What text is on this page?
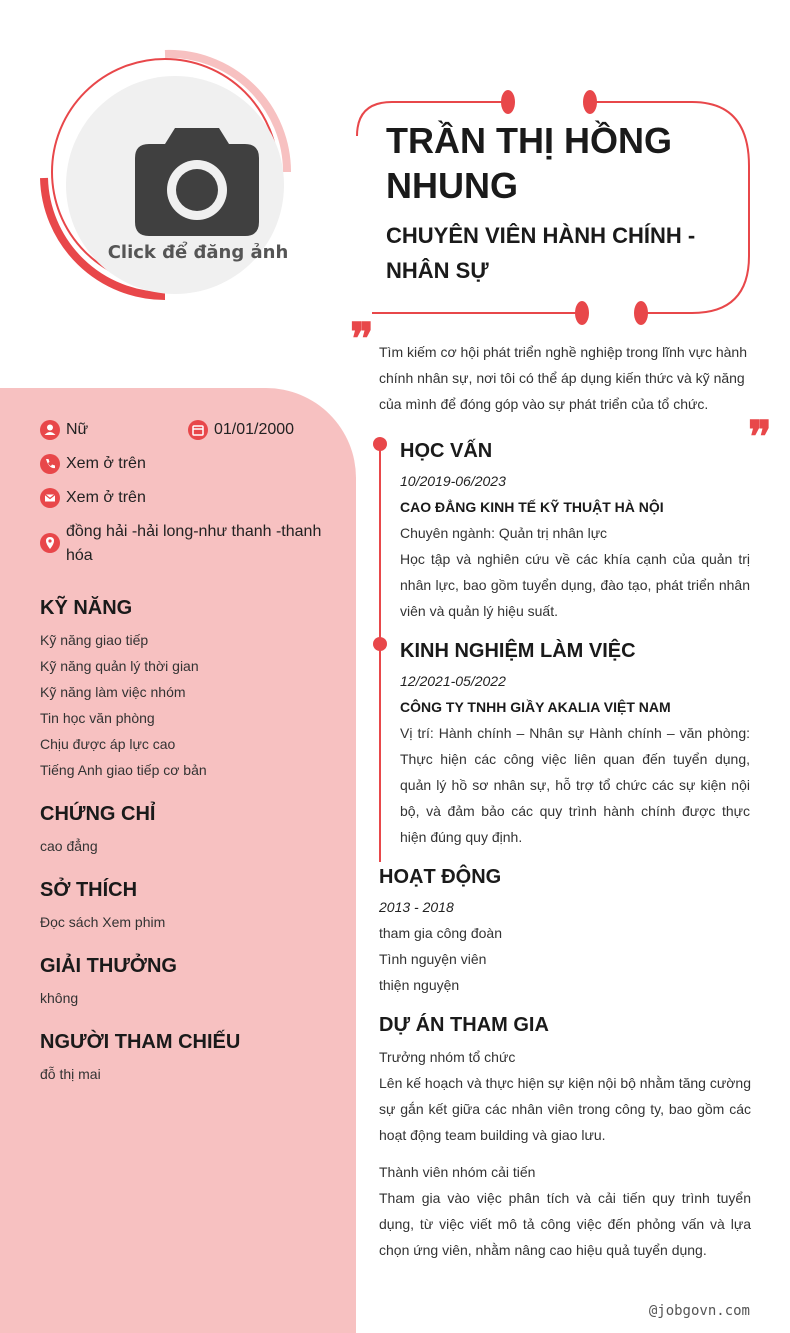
Click để đăng ảnh
TRẦN THỊ HỒNG NHUNG
CHUYÊN VIÊN HÀNH CHÍNH - NHÂN SỰ
❞ Tìm kiếm cơ hội phát triển nghề nghiệp trong lĩnh vực hành chính nhân sự, nơi tôi có thể áp dụng kiến thức và kỹ năng của mình để đóng góp vào sự phát triển của tổ chức.
❞
Nữ	01/01/2000
Xem ở trên
Xem ở trên
đồng hải -hải long-như thanh -thanh hóa
KỸ NĂNG
Kỹ năng giao tiếp
Kỹ năng quản lý thời gian
Kỹ năng làm việc nhóm
Tin học văn phòng
Chịu được áp lực cao
Tiếng Anh giao tiếp cơ bản
CHỨNG CHỈ
cao đẳng
SỞ THÍCH
Đọc sách Xem phim
GIẢI THƯỞNG
không
NGƯỜI THAM CHIẾU
đỗ thị mai
HỌC VẤN
10/2019-06/2023
CAO ĐẲNG KINH TẾ KỸ THUẬT HÀ NỘI
Chuyên ngành: Quản trị nhân lực
Học tập và nghiên cứu về các khía cạnh của quản trị nhân lực, bao gồm tuyển dụng, đào tạo, phát triển nhân viên và quản lý hiệu suất.
KINH NGHIỆM LÀM VIỆC
12/2021-05/2022
CÔNG TY TNHH GIẦY AKALIA VIỆT NAM
Vị trí: Hành chính – Nhân sự Hành chính – văn phòng: Thực hiện các công việc liên quan đến tuyển dụng, quản lý hồ sơ nhân sự, hỗ trợ tổ chức các sự kiện nội bộ, và đảm bảo các quy trình hành chính được thực hiện đúng quy định.
HOẠT ĐỘNG
2013 - 2018
tham gia công đoàn
Tình nguyện viên
thiện nguyện
DỰ ÁN THAM GIA
Trưởng nhóm tổ chức
Lên kế hoạch và thực hiện sự kiện nội bộ nhằm tăng cường sự gắn kết giữa các nhân viên trong công ty, bao gồm các hoạt động team building và giao lưu.
Thành viên nhóm cải tiến
Tham gia vào việc phân tích và cải tiến quy trình tuyển dụng, từ việc viết mô tả công việc đến phỏng vấn và lựa chọn ứng viên, nhằm nâng cao hiệu quả tuyển dụng.
@jobgovn.com
